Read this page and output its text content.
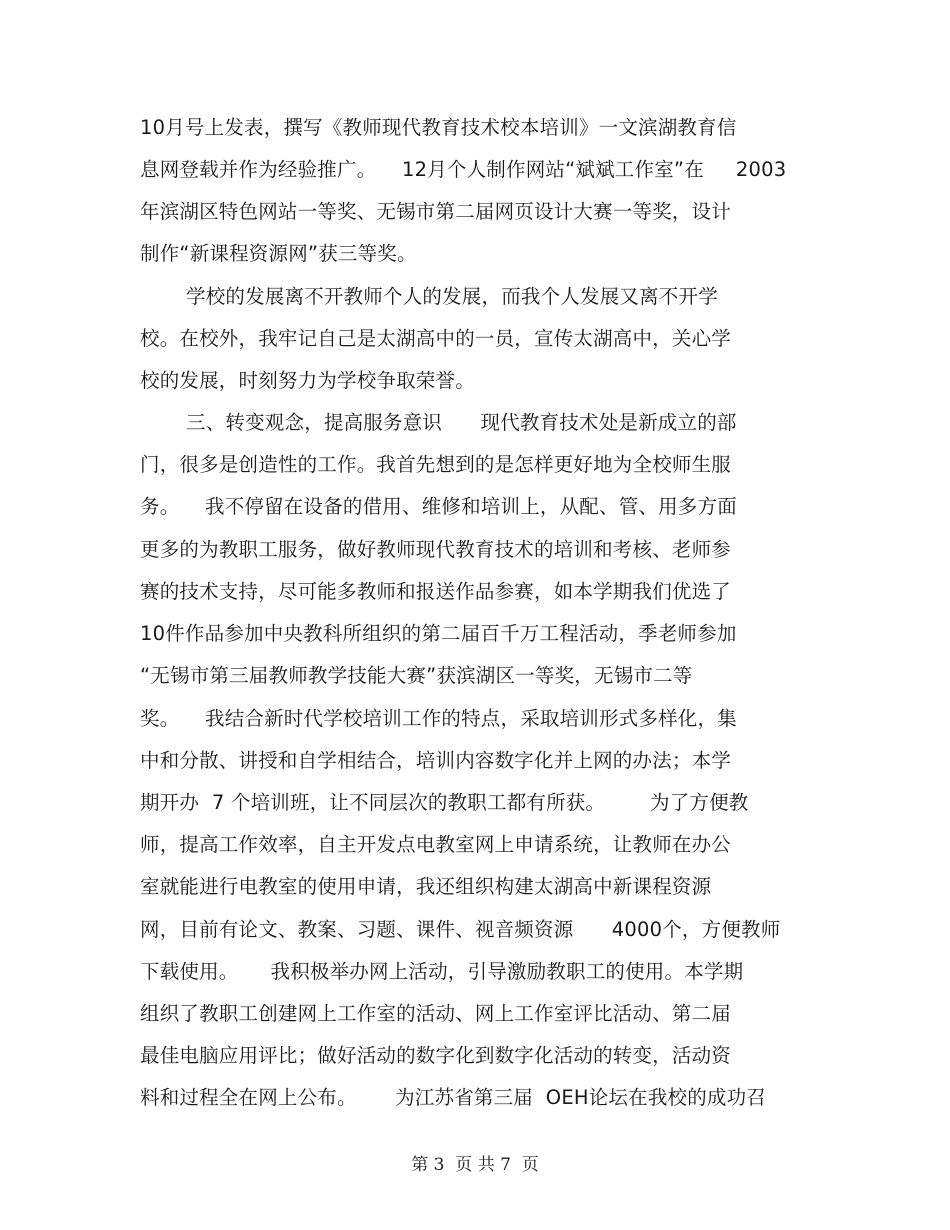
10月号上发表，撰写《教师现代教育技术校本培训》一文滨湖教育信
息网登载并作为经验推广。    12月个人制作网站“斌斌工作室”在     2003
年滨湖区特色网站一等奖、无锡市第二届网页设计大赛一等奖，设计
制作“新课程资源网”获三等奖。
学校的发展离不开教师个人的发展，而我个人发展又离不开学
校。在校外，我牢记自己是太湖高中的一员，宣传太湖高中，关心学
校的发展，时刻努力为学校争取荣誉。
三、转变观念，提高服务意识      现代教育技术处是新成立的部
门，很多是创造性的工作。我首先想到的是怎样更好地为全校师生服
务。    我不停留在设备的借用、维修和培训上，从配、管、用多方面
更多的为教职工服务，做好教师现代教育技术的培训和考核、老师参
赛的技术支持，尽可能多教师和报送作品参赛，如本学期我们优选了
10件作品参加中央教科所组织的第二届百千万工程活动，季老师参加
“无锡市第三届教师教学技能大赛”获滨湖区一等奖，无锡市二等
奖。    我结合新时代学校培训工作的特点，采取培训形式多样化，集
中和分散、讲授和自学相结合，培训内容数字化并上网的办法；本学
期开办  7 个培训班，让不同层次的教职工都有所获。       为了方便教
师，提高工作效率，自主开发点电教室网上申请系统，让教师在办公
室就能进行电教室的使用申请，我还组织构建太湖高中新课程资源
网，目前有论文、教案、习题、课件、视音频资源      4000个，方便教师
下载使用。     我积极举办网上活动，引导激励教职工的使用。本学期
组织了教职工创建网上工作室的活动、网上工作室评比活动、第二届
最佳电脑应用评比；做好活动的数字化到数字化活动的转变，活动资
料和过程全在网上公布。      为江苏省第三届  OEH论坛在我校的成功召
第 3  页 共 7  页
